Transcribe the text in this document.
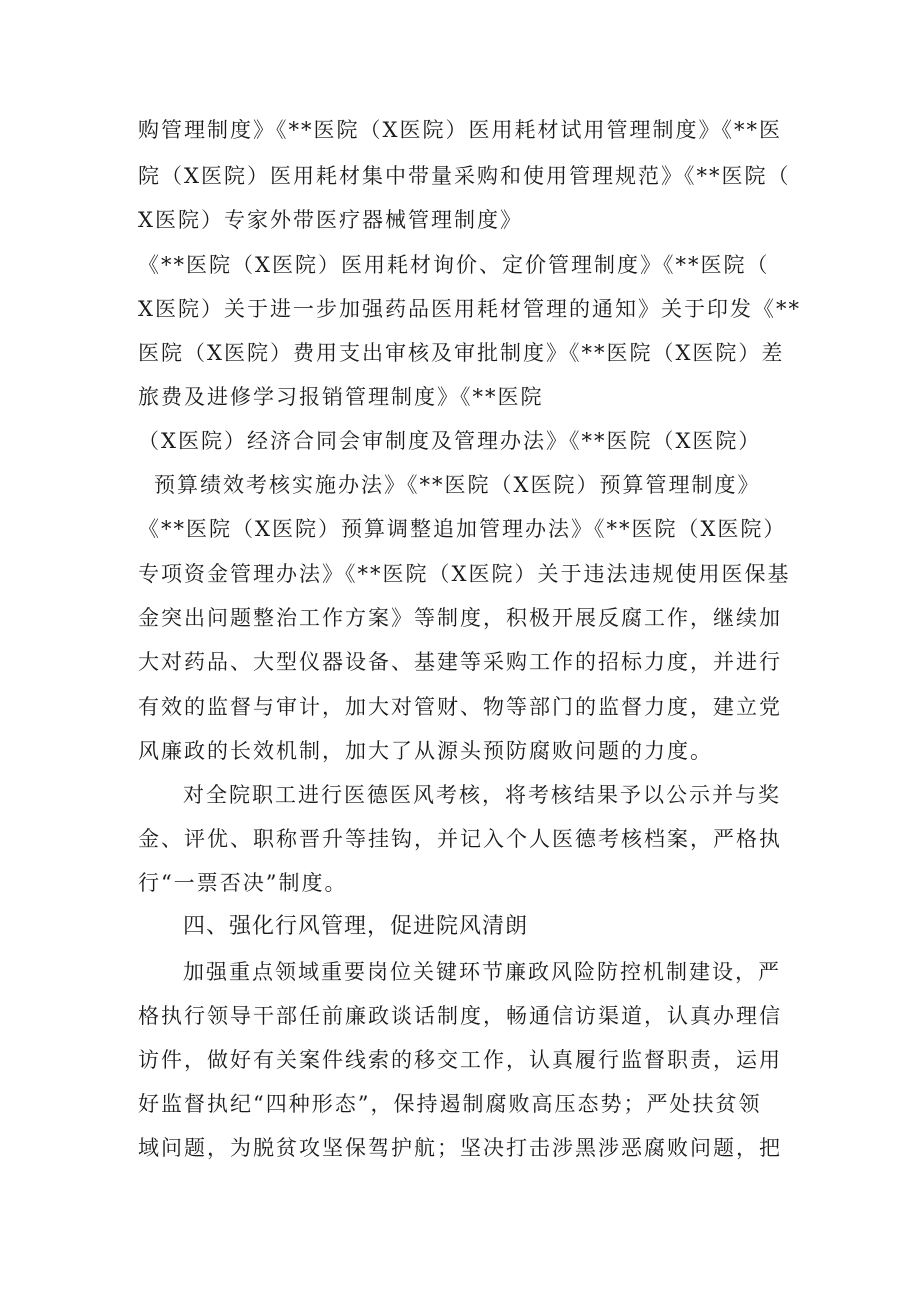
购管理制度》《**医院（X医院）医用耗材试用管理制度》《**医
院（X医院）医用耗材集中带量采购和使用管理规范》《**医院（
X医院）专家外带医疗器械管理制度》
《**医院（X医院）医用耗材询价、定价管理制度》《**医院（
X医院）关于进一步加强药品医用耗材管理的通知》关于印发《**
医院（X医院）费用支出审核及审批制度》《**医院（X医院）差
旅费及进修学习报销管理制度》《**医院
（X医院）经济合同会审制度及管理办法》《**医院（X医院）
预算绩效考核实施办法》《**医院（X医院）预算管理制度》
《**医院（X医院）预算调整追加管理办法》《**医院（X医院）
专项资金管理办法》《**医院（X医院）关于违法违规使用医保基
金突出问题整治工作方案》等制度，积极开展反腐工作，继续加
大对药品、大型仪器设备、基建等采购工作的招标力度，并进行
有效的监督与审计，加大对管财、物等部门的监督力度，建立党
风廉政的长效机制，加大了从源头预防腐败问题的力度。
对全院职工进行医德医风考核，将考核结果予以公示并与奖
金、评优、职称晋升等挂钩，并记入个人医德考核档案，严格执
行“一票否决”制度。
四、强化行风管理，促进院风清朗
加强重点领域重要岗位关键环节廉政风险防控机制建设，严
格执行领导干部任前廉政谈话制度，畅通信访渠道，认真办理信
访件，做好有关案件线索的移交工作，认真履行监督职责，运用
好监督执纪“四种形态”，保持遏制腐败高压态势；严处扶贫领
域问题，为脱贫攻坚保驾护航；坚决打击涉黑涉恶腐败问题，把
